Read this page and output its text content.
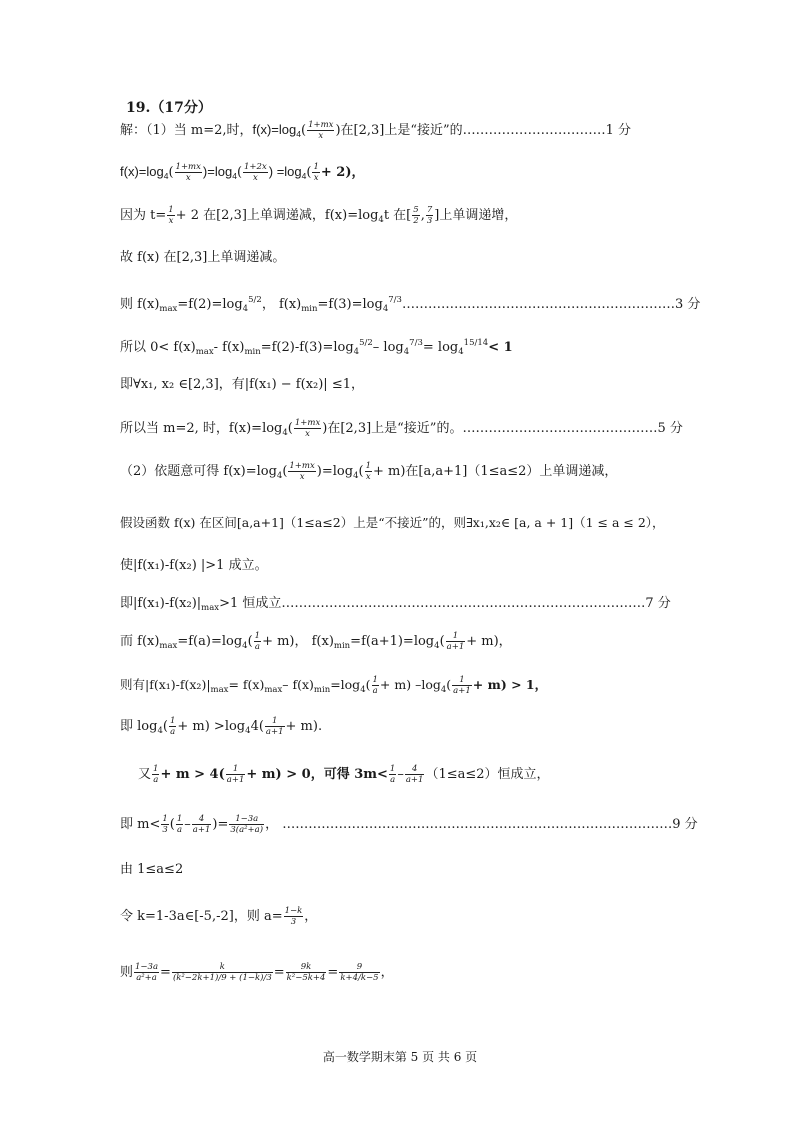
19.（17分）
解：（1）当 m=2,时，$f(x)=\log_4( \frac{1+mx}{x}$ )在[2,3]上是“接近”的……………………………1 分
$f(x)=\log_4( \frac{1+mx}{x} )=\log_4( \frac{1+2x}{x}$ ) $=\log_4( \frac{1}{x} + 2)$，
因为 $t= \frac{1}{x} + 2$ 在[2,3]上单调递减，$f(x)=\log_4t$ 在[ $\frac{5}{2}$ , $\frac{7}{3}$ ]上单调递增，
故 f(x) 在[2,3]上单调递减。
则 $f(x)_{max}=f(2)=\log_4^{5/2}$， $f(x)_{min}=f(3)=\log_4^{7/3}\dots\dots\dots\dots\dots\dots\dots\dots\dots\dots\dots\dots\dots\dots\dots\dots\dots\dots\dots\dots\dots 3$ 分
所以 $0< f(x)_{max}-$ $f(x)_{min}=f(2)-f(3)=\log_4^{5/2}-$ $\log_4^{7/3}= \log_4^{15/14}< 1$
即∀x₁, x₂ ∈[2,3]，有|f(x₁) − f(x₂)| ≤1，
所以当 m=2, 时，$f(x)=\log_4( \frac{1+mx}{x}$ )在[2,3]上是“接近”的。………………………………………5 分
（2）依题意可得 $f(x)=\log_4( \frac{1+mx}{x} )=\log_4( \frac{1}{x} + m)$在[a,a+1]（1≤a≤2）上单调递减，
假设函数 f(x) 在区间[a,a+1]（1≤a≤2）上是“不接近”的，则∃x₁,x₂∈ [a, a + 1]（1 ≤ a ≤ 2），
使|f(x₁)-f(x₂) |>1 成立。
即$|f(x_1)-f(x_2)|_{max}>1$ 恒成立…………………………………………………………………………7 分
而 $f(x)_{max}=f(a)=\log_4( \frac{1}{a} + m)$， $f(x)_{min}=f(a+1)=\log_4( \frac{1}{a+1} + m)$，
则有$|f(x_1)-f(x_2)|_{max}= f(x)_{max}-$ $f(x)_{min}=\log_4( \frac{1}{a} + m)$ $-\log_4( \frac{1}{a+1} + m) > 1$，
即 $\log_4( \frac{1}{a} + m) >\log_44( \frac{1}{a+1} + m)$.
又 $\frac{1}{a} + m > 4( \frac{1}{a+1} + m) > 0$，可得 $3m< \frac{1}{a} - \frac{4}{a+1} (1\le a\le 2)$恒成立，
即 $m< \frac{1}{3}$ ( $\frac{1}{a} - \frac{4}{a+1}$ )= $\frac{1-3a}{\text{3(a²+a)}}$ ， ………………………………………………………………………………9 分
由 1≤a≤2
令 k=1-3a∈[-5,-2]，则 $a= \frac{1-k}{3}$ ，
则 $\frac{1-3a}{\text{a²+a}} = \frac{k}{\text{(k²−2k+1)/9 + (1−k)/3}} = \frac{9k}{\text{k²−5k+4}} = \frac{9}{k+4/k-5}$ ，
高一数学期末第 5 页 共 6 页
